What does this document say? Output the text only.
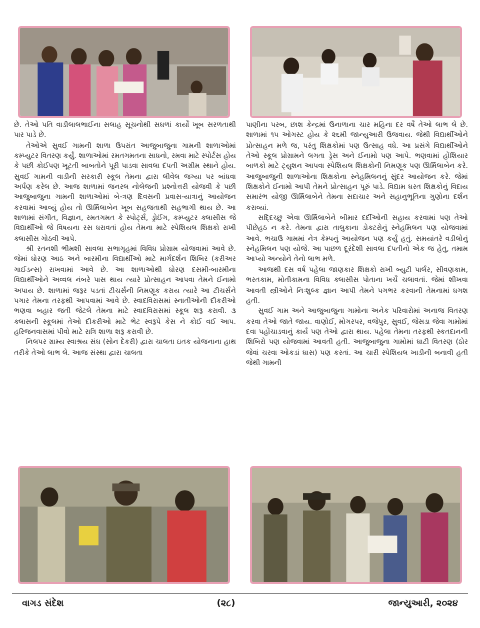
છે. તેઓ પતિ વાડીલાલભાઈના સલાહ સૂચનોથી સઘળાં કાર્યો ખૂબ સરળતાથી પાર પાડે છે.

તેઓએ સુવઈ ગામની શાળા ઉપરાંત આજુબાજુના ગામની શાળાઓમાં કમ્પ્યુટર વિતરણ કર્યું. શાળાઓમાં રમતગમતના સાધનો, રમવા માટે સ્પોર્ટસ હોય કે પછી કોઈપણ ખૂટતી બાબતોને પૂરી પાડવા સાવલા દંપતી અગ્રીમ સ્થાને હોય. સુવઈ ગામની વાડીની સરકારી સ્કૂલ તેમના દ્વારા લીવેલ જગ્યા પર બાંધવા અર્પણ કરેલ છે. આજ શાળામાં જનરલ નોલેજની પ્રશ્નોત્તરી યોજવી કે પછી આજુબાજુના ગામની શાળાઓમાં બે-ત્રણ દિવસની પ્રવાસ-યાત્રાનું આયોજન કરવામાં આવ્યું હોય તો ઊર્મિલાબેન ખૂબ સહજતાથી સહભાગી થાય છે. આ શાળામાં સંગીત, વિજ્ઞાન, રમતગમત કે સ્પોર્ટ્સ, ડ્રોઈંગ, કમ્પ્યુટર ક્લાસીસ જે વિદ્યાર્થીઓ જે વિષયના રસ ધરાવતાં હોય તેમના માટે સ્પેશિયલ શિક્ષકો રાખી ક્લાસીસ ગોઠવી આપે.

શ્રી રતનશી ભીમશી સાવલા સભાગૃહમાં વિવિધ પ્રોગ્રામ યોજવામાં આવે છે. જેમાં ધોરણ આઠ અને બારમીના વિદ્યાર્થીઓ માટે માર્ગદર્શન શિબિર (કરીઅર ગાઈડન્સ) રાખવામાં આવે છે. આ શાળાઓથી ધોરણ દસમી-બારમીના વિદ્યાર્થીઓને અવ્વલ નંબરે પાસ થાય ત્યારે પ્રોત્સાહન આપવા તેમને ઈનામો અપાય છે. શાળામાં જરૂર પડતાં ટીચર્સની નિમણૂક કરાય ત્યારે આ ટીચર્સને પગાર તેમના તરફથી આપવામાં આવે છે. સ્વાદવિરાસમાં સ્નાતીઓની દીકરીઓ ભણવા બહાર જતી જેટલે તેમના માટે સ્વાદવિરાસમાં સ્કૂલ શરૂ કરાવી. ૩ ક્લાસની સ્કૂલમાં તેઓ દીકરીઓ માટે ભેટ સ્વરૂપે કેસ ને કોઈ વઈ આપ. હરિજનવાસમાં પીવો માટે રાત્રિ શાળા શરૂ કરાવી છે.

નિલપર ગ્રામ્ય સ્વાશ્રય સંઘ (સોન દેકરી) દ્વારા ચાલતા ઇતક યોજનાના હાથ તરીકે તેઓ લાભ લે. આજ સંસ્થા દ્વારા ચાલતા

પાણીના પરબ, છાશ કેન્દ્રમાં ઉનાળાના ચાર મહિના દર વર્ષે તેઓ લાભ લે છે. શાળામાં ૧૫ ઓગસ્ટ હોય કે ૨૬મી જાન્યુઆરી ઉજવાય. જેથી વિદ્યાર્થીઓને પ્રોત્સાહન મળે જ, પરંતુ શિક્ષકોમાં પણ ઉત્સાહ વધે. આ પ્રસંગે વિદ્યાર્થીઓને તેઓ સ્કૂલ પ્રોગ્રામને લગતા ડ્રેસ અને ઈનામો પણ આપે. ભણવામાં હોંશિયાર બાળકો માટે ટ્યુશન આપવા સ્પેશિયલ શિક્ષકોની નિમણૂક પણ ઊર્મિલાબેન કરે. આજુબાજુની શાળાઓના શિક્ષકોના સ્નેહમિલનનું સુંદર આયોજન કરે. જેમાં શિક્ષકોને ઈનામો આપી તેમને પ્રોત્સાહન પૂરું પાડે. વિદ્યામ ઘરત શિક્ષકોનું વિદાય સમારંભ યોજી ઊર્મિલાબેને તેમના સદાચાર અને સહાનુભૂતિના ગુણોના દર્શન કરાવ્યાં.

સદ્દિચ્છુ એવા ઊર્મિલાબેને બીમાર દર્દીઓની સહાય કરવામાં પણ તેઓ પીછેહઠ ન કરે. તેમના દ્વારા તાલુકાના ડોક્ટરોનું સ્નેહમિલન પણ યોજવામાં આવે. ભચાઉ ગામમાં નેત્ર કેમ્પનું આયોજન પણ કર્યું હતું. સમયાંતરે વડીલોનું સ્નેહમિલન પણ યોજે. આ પાછળ દૂરંદેશી સાવલા દંપતીનો એક જ હેતુ, તમામ આપ્યો અન્યોને તેનો લાભ મળે.

આજથી દસ વર્ષ પહેલા જાણકાર શિક્ષકો રાખી બ્યુટી પાર્લર, સીવણકામ, ભરતકામ, મોતીકામના વિવિધ ક્લાસીસ પોતાના ખર્ચે ચલાવતાં. જેમાં શીખવા આવતી સ્ત્રીઓને નિઃશુલ્ક જ્ઞાન આપી તેમને પગભર કરવાની તેમનામાં ધગશ હતી.

સુવઈ ગામ અને આજુબાજુના ગામોના અનેક પરિવારોમાં અનાજ વિતરણ કરવા તેઓ જાતે જાય. વાણોઈ, મોગરપર, વજેપુર, સુવઈ, જેસડા જેવા ગામોમાં દવા પહોંચાડવાનું કાર્ય પણ તેઓ દ્વારા થાય. પહેલા તેમના તરફથી સ્કતદાનની શિબિરો પણ યોજવામાં આવતી હતી. આજુબાજુના ગામોમાં ઘાટી વિતરણ (ઠોર જેવાં ચરવા ઓકડાં ઘાસ) પણ કરતાં. આ ચારી સ્પેશિયલ ખાડીની બનાવી હતી જેથી ગામની

વાગડ સંદેશ	(૨૮)	જાન્યુઆરી, ૨૦૨૪
